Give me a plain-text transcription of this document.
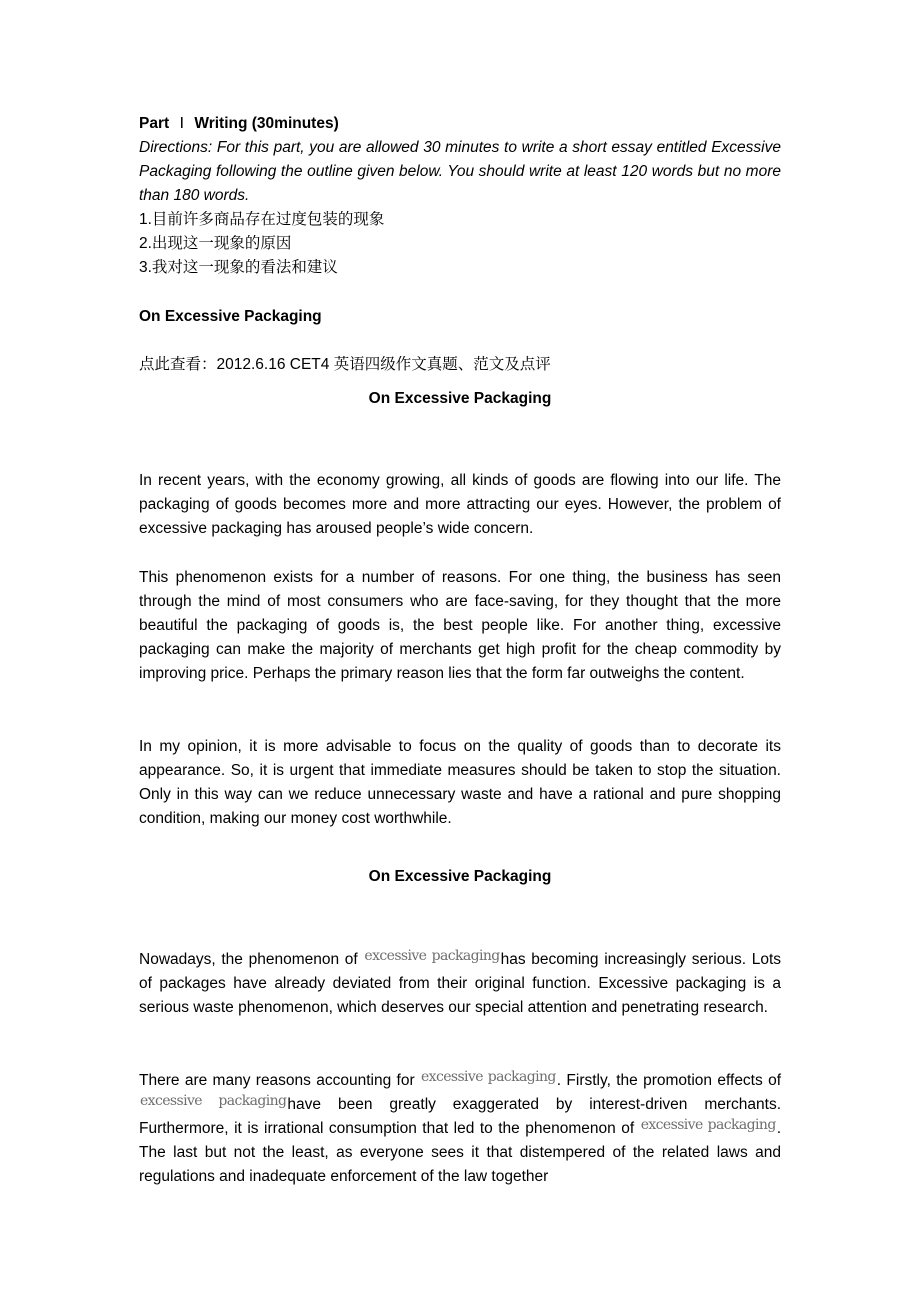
Part Ⅰ Writing (30minutes)
Directions: For this part, you are allowed 30 minutes to write a short essay entitled Excessive Packaging following the outline given below. You should write at least 120 words but no more than 180 words.
1.目前许多商品存在过度包装的现象
2.出现这一现象的原因
3.我对这一现象的看法和建议
On Excessive Packaging
点此查看：2012.6.16 CET4 英语四级作文真题、范文及点评
On Excessive Packaging
In recent years, with the economy growing, all kinds of goods are flowing into our life. The packaging of goods becomes more and more attracting our eyes. However, the problem of excessive packaging has aroused people’s wide concern.
This phenomenon exists for a number of reasons. For one thing, the business has seen through the mind of most consumers who are face-saving, for they thought that the more beautiful the packaging of goods is, the best people like. For another thing, excessive packaging can make the majority of merchants get high profit for the cheap commodity by improving price. Perhaps the primary reason lies that the form far outweighs the content.
In my opinion, it is more advisable to focus on the quality of goods than to decorate its appearance. So, it is urgent that immediate measures should be taken to stop the situation. Only in this way can we reduce unnecessary waste and have a rational and pure shopping condition, making our money cost worthwhile.
On Excessive Packaging
Nowadays, the phenomenon of excessive packaginghas becoming increasingly serious. Lots of packages have already deviated from their original function. Excessive packaging is a serious waste phenomenon, which deserves our special attention and penetrating research.
There are many reasons accounting for excessive packaging. Firstly, the promotion effects of excessive packaginghave been greatly exaggerated by interest-driven merchants. Furthermore, it is irrational consumption that led to the phenomenon of excessive packaging. The last but not the least, as everyone sees it that distempered of the related laws and regulations and inadequate enforcement of the law together
